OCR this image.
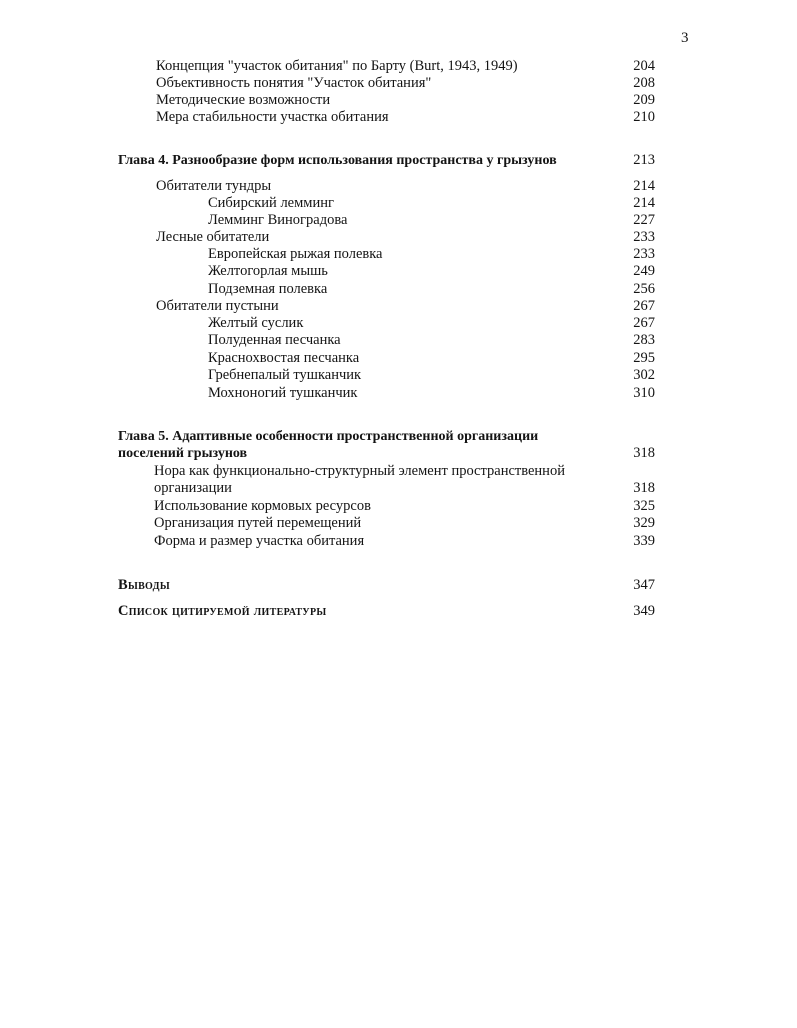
3
Концепция "участок обитания" по Барту (Burt, 1943, 1949)	204
Объективность понятия "Участок обитания"	208
Методические возможности	209
Мера стабильности участка обитания	210
Глава 4. Разнообразие форм использования пространства у грызунов	213
Обитатели тундры	214
Сибирский лемминг	214
Лемминг Виноградова	227
Лесные обитатели	233
Европейская рыжая полевка	233
Желтогорлая мышь	249
Подземная полевка	256
Обитатели пустыни	267
Желтый суслик	267
Полуденная песчанка	283
Краснохвостая песчанка	295
Гребнепалый тушканчик	302
Мохноногий тушканчик	310
Глава 5. Адаптивные особенности пространственной организации
поселений грызунов	318
Нора как функционально-структурный элемент пространственной
организации	318
Использование кормовых ресурсов	325
Организация путей перемещений	329
Форма и размер участка обитания	339
Выводы	347
Список цитируемой литературы	349
